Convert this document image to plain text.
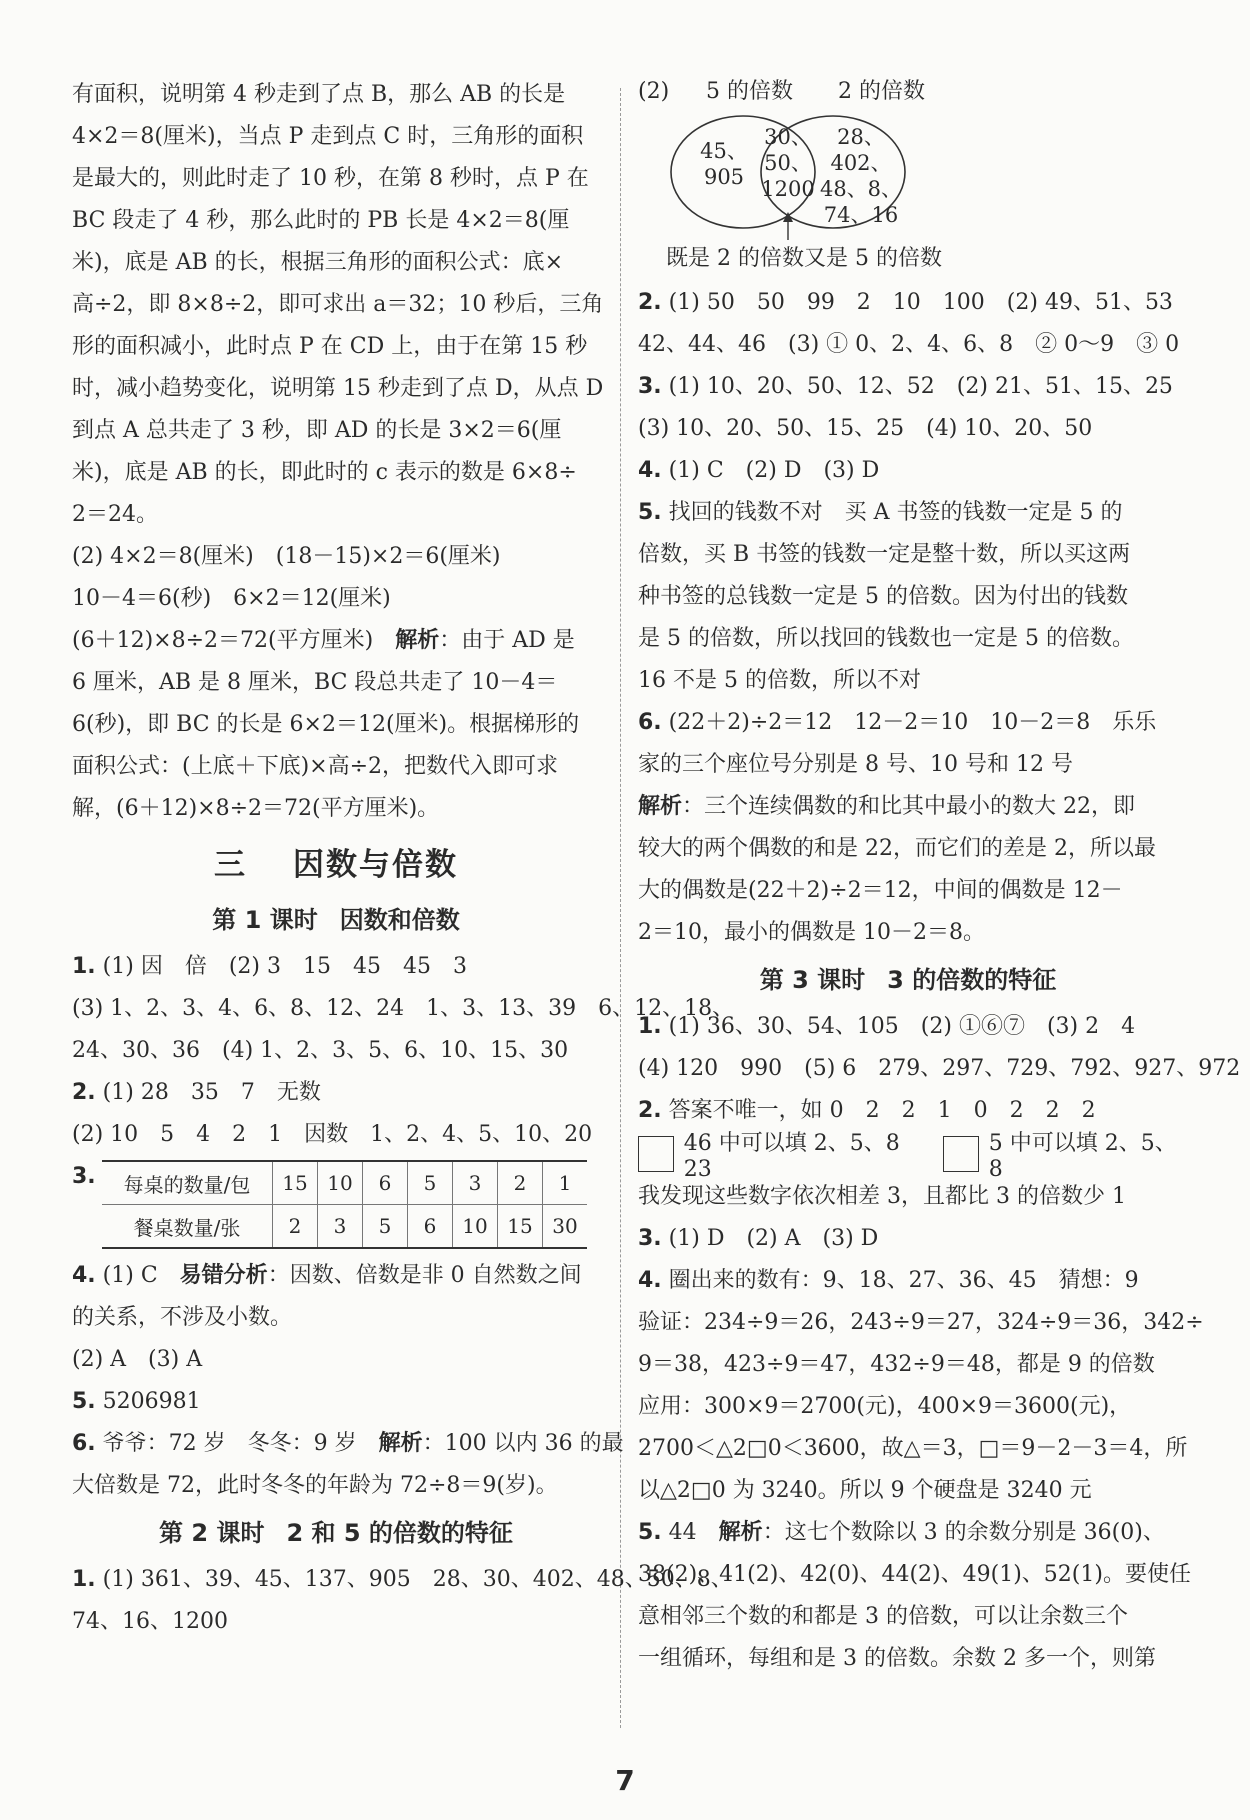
有面积，说明第 4 秒走到了点 B，那么 AB 的长是
4×2＝8(厘米)，当点 P 走到点 C 时，三角形的面积
是最大的，则此时走了 10 秒，在第 8 秒时，点 P 在
BC 段走了 4 秒，那么此时的 PB 长是 4×2＝8(厘
米)，底是 AB 的长，根据三角形的面积公式：底×
高÷2，即 8×8÷2，即可求出 a＝32；10 秒后，三角
形的面积减小，此时点 P 在 CD 上，由于在第 15 秒
时，减小趋势变化，说明第 15 秒走到了点 D，从点 D
到点 A 总共走了 3 秒，即 AD 的长是 3×2＝6(厘
米)，底是 AB 的长，即此时的 c 表示的数是 6×8÷
2＝24。
(2) 4×2＝8(厘米)　(18－15)×2＝6(厘米)
10－4＝6(秒)　6×2＝12(厘米)
(6＋12)×8÷2＝72(平方厘米)　解析：由于 AD 是
6 厘米，AB 是 8 厘米，BC 段总共走了 10－4＝
6(秒)，即 BC 的长是 6×2＝12(厘米)。根据梯形的
面积公式：(上底＋下底)×高÷2，把数代入即可求
解，(6＋12)×8÷2＝72(平方厘米)。
三 因数与倍数
第 1 课时 因数和倍数
1. (1) 因　倍　(2) 3　15　45　45　3
(3) 1、2、3、4、6、8、12、24　1、3、13、39　6、12、18、
24、30、36　(4) 1、2、3、5、6、10、15、30
2. (1) 28　35　7　无数
(2) 10　5　4　2　1　因数　1、2、4、5、10、20
3. 每桌的数量/包	15	10	6	5	3	2	1
餐桌数量/张	2	3	5	6	10	15	30
4. (1) C　易错分析：因数、倍数是非 0 自然数之间
的关系，不涉及小数。
(2) A　(3) A
5. 5206981
6. 爷爷：72 岁　冬冬：9 岁　解析：100 以内 36 的最
大倍数是 72，此时冬冬的年龄为 72÷8＝9(岁)。
第 2 课时 2 和 5 的倍数的特征
1. (1) 361、39、45、137、905　28、30、402、48、50、8、
74、16、1200
(2) 5 的倍数 2 的倍数
45、
905
30、
50、
1200
28、402、
48、8、
74、16
既是 2 的倍数又是 5 的倍数
2. (1) 50　50　99　2　10　100　(2) 49、51、53
42、44、46　(3) ① 0、2、4、6、8　② 0～9　③ 0
3. (1) 10、20、50、12、52　(2) 21、51、15、25
(3) 10、20、50、15、25　(4) 10、20、50
4. (1) C　(2) D　(3) D
5. 找回的钱数不对　买 A 书签的钱数一定是 5 的
倍数，买 B 书签的钱数一定是整十数，所以买这两
种书签的总钱数一定是 5 的倍数。因为付出的钱数
是 5 的倍数，所以找回的钱数也一定是 5 的倍数。
16 不是 5 的倍数，所以不对
6. (22＋2)÷2＝12　12－2＝10　10－2＝8　乐乐
家的三个座位号分别是 8 号、10 号和 12 号
解析：三个连续偶数的和比其中最小的数大 22，即
较大的两个偶数的和是 22，而它们的差是 2，所以最
大的偶数是(22＋2)÷2＝12，中间的偶数是 12－
2＝10，最小的偶数是 10－2＝8。
第 3 课时 3 的倍数的特征
1. (1) 36、30、54、105　(2) ①⑥⑦　(3) 2　4
(4) 120　990　(5) 6　279、297、729、792、927、972
2. 答案不唯一，如 0　2　2　1　0　2　2　2
46 中可以填 2、5、8　23
5 中可以填 2、5、8
我发现这些数字依次相差 3，且都比 3 的倍数少 1
3. (1) D　(2) A　(3) D
4. 圈出来的数有：9、18、27、36、45　猜想：9
验证：234÷9＝26，243÷9＝27，324÷9＝36，342÷
9＝38，423÷9＝47，432÷9＝48，都是 9 的倍数
应用：300×9＝2700(元)，400×9＝3600(元)，
2700＜△2□0＜3600，故△＝3，□＝9－2－3＝4，所
以△2□0 为 3240。所以 9 个硬盘是 3240 元
5. 44　解析：这七个数除以 3 的余数分别是 36(0)、
38(2)、41(2)、42(0)、44(2)、49(1)、52(1)。要使任
意相邻三个数的和都是 3 的倍数，可以让余数三个
一组循环，每组和是 3 的倍数。余数 2 多一个，则第
7
